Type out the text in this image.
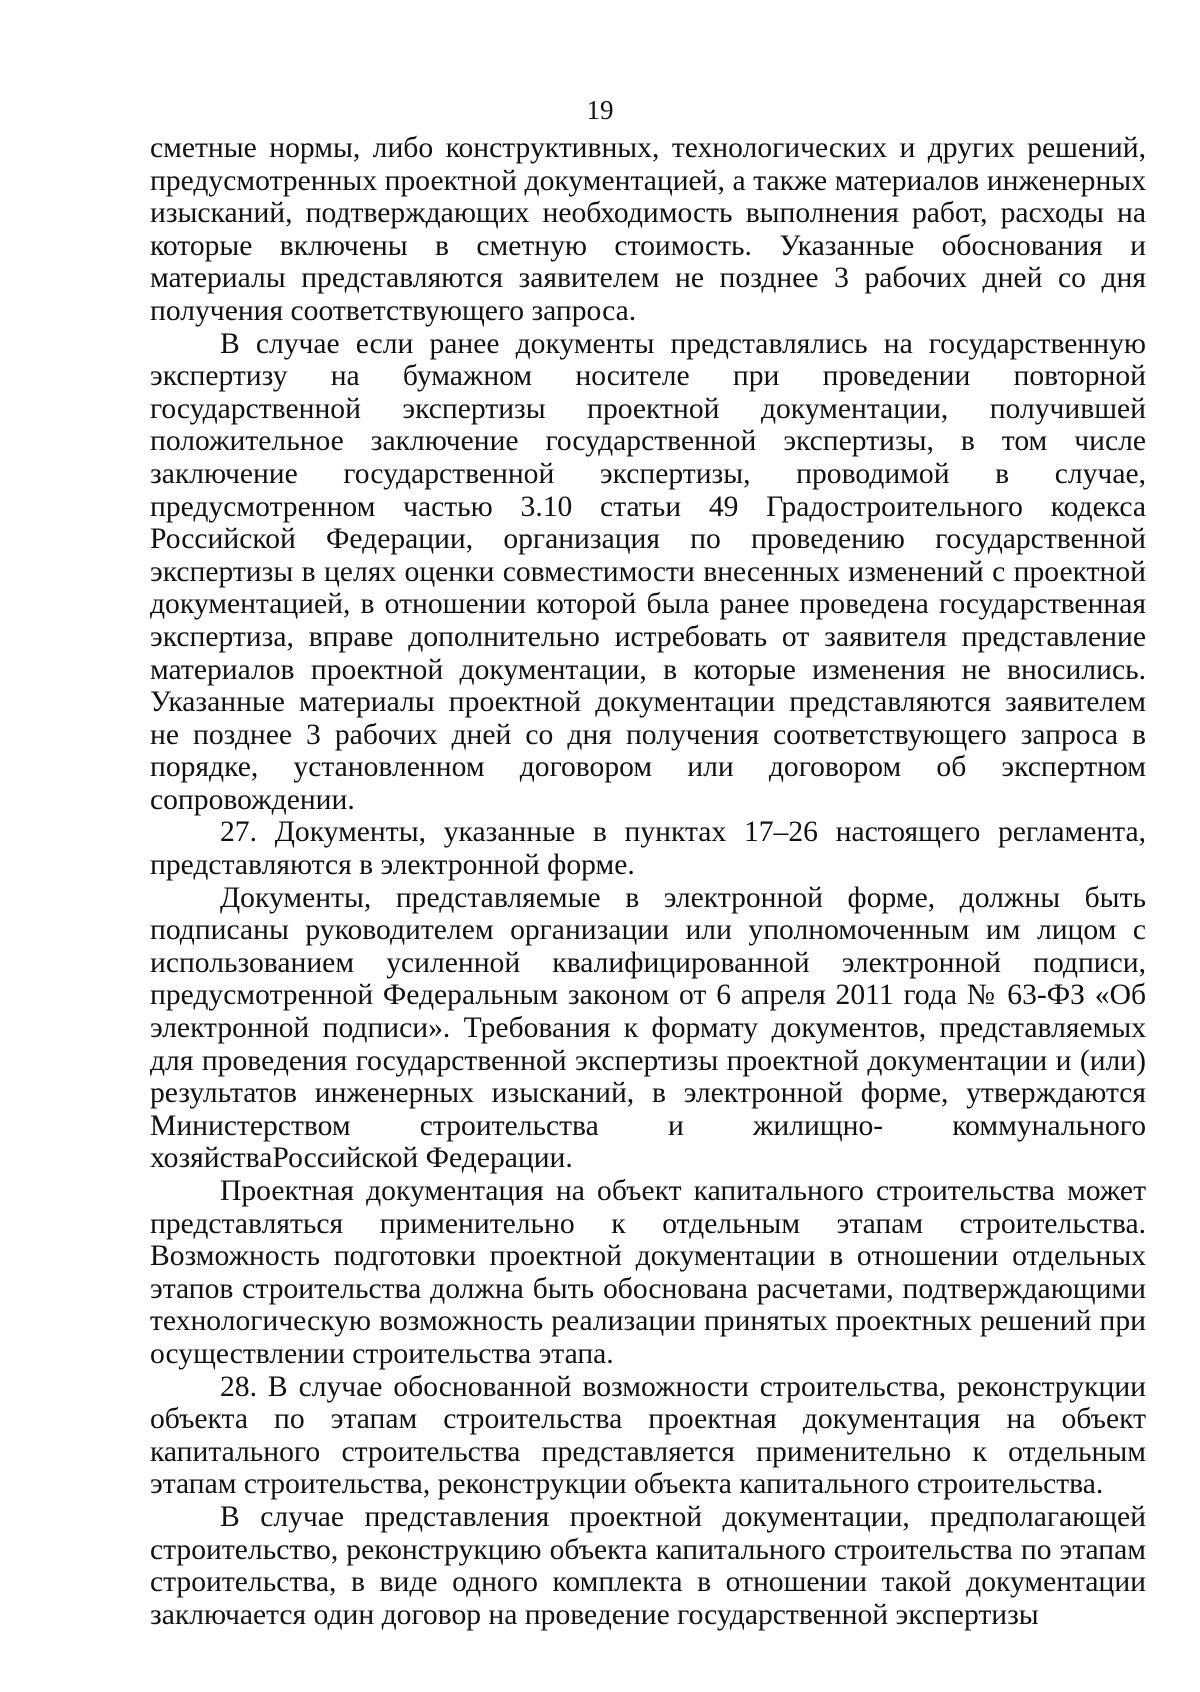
19

сметные нормы, либо конструктивных, технологических и других решений, предусмотренных проектной документацией, а также материалов инженерных изысканий, подтверждающих необходимость выполнения работ, расходы на которые включены в сметную стоимость. Указанные обоснования и материалы представляются заявителем не позднее 3 рабочих дней со дня получения соответствующего запроса.

В случае если ранее документы представлялись на государственную экспертизу на бумажном носителе при проведении повторной государственной экспертизы проектной документации, получившей положительное заключение государственной экспертизы, в том числе заключение государственной экспертизы, проводимой в случае, предусмотренном частью 3.10 статьи 49 Градостроительного кодекса Российской Федерации, организация по проведению государственной экспертизы в целях оценки совместимости внесенных изменений с проектной документацией, в отношении которой была ранее проведена государственная экспертиза, вправе дополнительно истребовать от заявителя представление материалов проектной документации, в которые изменения не вносились. Указанные материалы проектной документации представляются заявителем не позднее 3 рабочих дней со дня получения соответствующего запроса в порядке, установленном договором или договором об экспертном сопровождении.

27. Документы, указанные в пунктах 17–26 настоящего регламента, представляются в электронной форме.

Документы, представляемые в электронной форме, должны быть подписаны руководителем организации или уполномоченным им лицом с использованием усиленной квалифицированной электронной подписи, предусмотренной Федеральным законом от 6 апреля 2011 года № 63-ФЗ «Об электронной подписи». Требования к формату документов, представляемых для проведения государственной экспертизы проектной документации и (или) результатов инженерных изысканий, в электронной форме, утверждаются Министерством строительства и жилищно- коммунального хозяйстваРоссийской Федерации.

Проектная документация на объект капитального строительства может представляться применительно к отдельным этапам строительства. Возможность подготовки проектной документации в отношении отдельных этапов строительства должна быть обоснована расчетами, подтверждающими технологическую возможность реализации принятых проектных решений при осуществлении строительства этапа.

28. В случае обоснованной возможности строительства, реконструкции объекта по этапам строительства проектная документация на объект капитального строительства представляется применительно к отдельным этапам строительства, реконструкции объекта капитального строительства.

В случае представления проектной документации, предполагающей строительство, реконструкцию объекта капитального строительства по этапам строительства, в виде одного комплекта в отношении такой документации заключается один договор на проведение государственной экспертизы
